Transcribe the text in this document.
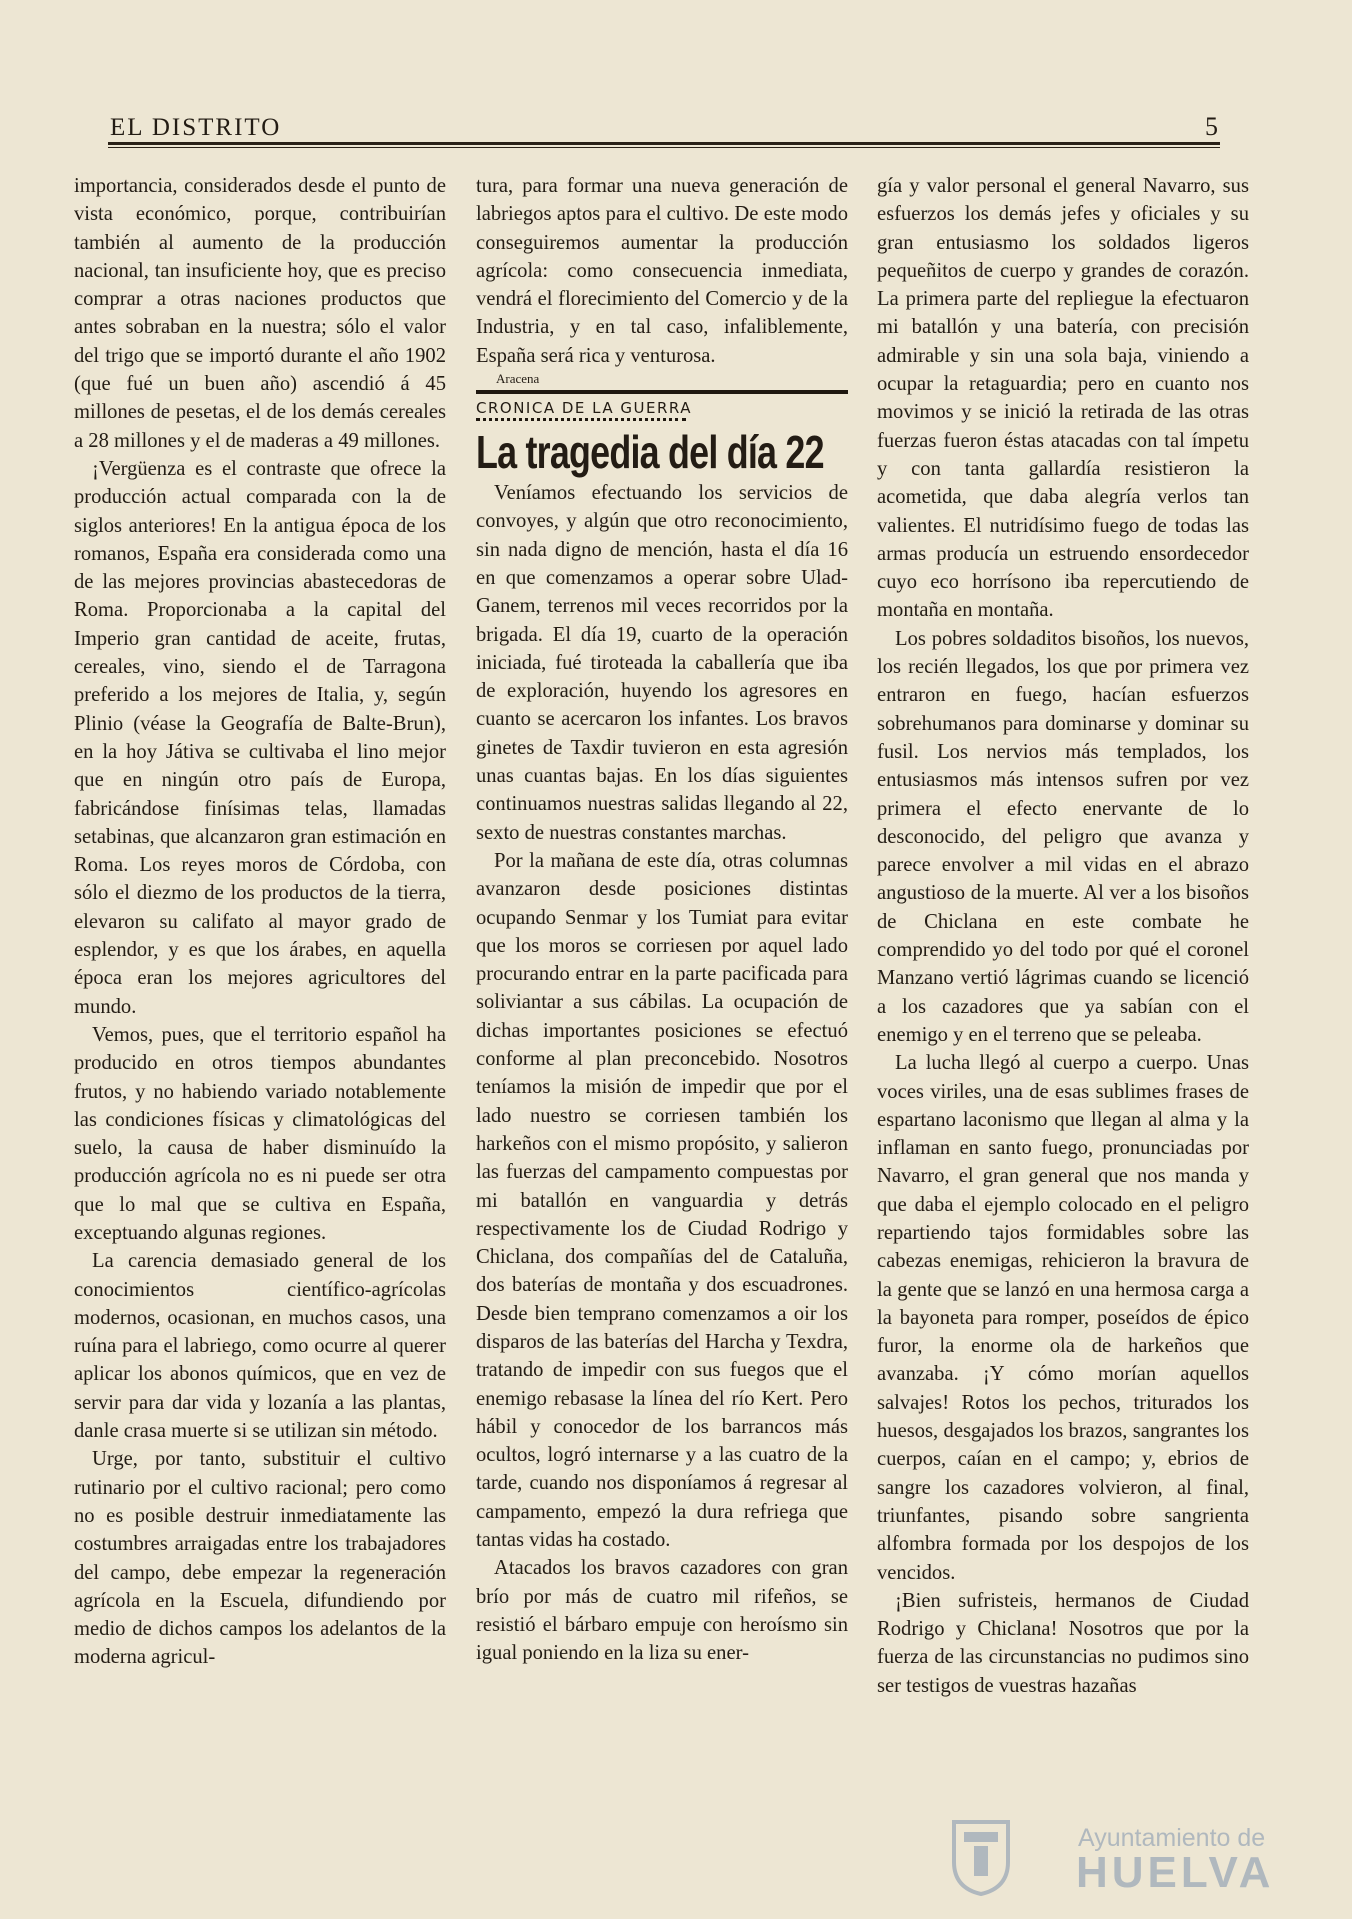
EL DISTRITO	5

importancia, considerados desde el punto de vista económico, porque, contribuirían también al aumento de la producción nacional, tan insuficiente hoy, que es preciso comprar a otras naciones productos que antes sobraban en la nuestra; sólo el valor del trigo que se importó durante el año 1902 (que fué un buen año) ascendió á 45 millones de pesetas, el de los demás cereales a 28 millones y el de maderas a 49 millones.

¡Vergüenza es el contraste que ofrece la producción actual comparada con la de siglos anteriores! En la antigua época de los romanos, España era considerada como una de las mejores provincias abastecedoras de Roma. Proporcionaba a la capital del Imperio gran cantidad de aceite, frutas, cereales, vino, siendo el de Tarragona preferido a los mejores de Italia, y, según Plinio (véase la Geografía de Balte-Brun), en la hoy Játiva se cultivaba el lino mejor que en ningún otro país de Europa, fabricándose finísimas telas, llamadas setabinas, que alcanzaron gran estimación en Roma. Los reyes moros de Córdoba, con sólo el diezmo de los productos de la tierra, elevaron su califato al mayor grado de esplendor, y es que los árabes, en aquella época eran los mejores agricultores del mundo.

Vemos, pues, que el territorio español ha producido en otros tiempos abundantes frutos, y no habiendo variado notablemente las condiciones físicas y climatológicas del suelo, la causa de haber disminuído la producción agrícola no es ni puede ser otra que lo mal que se cultiva en España, exceptuando algunas regiones.

La carencia demasiado general de los conocimientos científico-agrícolas modernos, ocasionan, en muchos casos, una ruína para el labriego, como ocurre al querer aplicar los abonos químicos, que en vez de servir para dar vida y lozanía a las plantas, danle crasa muerte si se utilizan sin método.

Urge, por tanto, substituir el cultivo rutinario por el cultivo racional; pero como no es posible destruir inmediatamente las costumbres arraigadas entre los trabajadores del campo, debe empezar la regeneración agrícola en la Escuela, difundiendo por medio de dichos campos los adelantos de la moderna agricul-

tura, para formar una nueva generación de labriegos aptos para el cultivo. De este modo conseguiremos aumentar la producción agrícola: como consecuencia inmediata, vendrá el florecimiento del Comercio y de la Industria, y en tal caso, infaliblemente, España será rica y venturosa.

Aracena
CRONICA DE LA GUERRA
La tragedia del día 22

Veníamos efectuando los servicios de convoyes, y algún que otro reconocimiento, sin nada digno de mención, hasta el día 16 en que comenzamos a operar sobre Ulad-Ganem, terrenos mil veces recorridos por la brigada. El día 19, cuarto de la operación iniciada, fué tiroteada la caballería que iba de exploración, huyendo los agresores en cuanto se acercaron los infantes. Los bravos ginetes de Taxdir tuvieron en esta agresión unas cuantas bajas. En los días siguientes continuamos nuestras salidas llegando al 22, sexto de nuestras constantes marchas.

Por la mañana de este día, otras columnas avanzaron desde posiciones distintas ocupando Senmar y los Tumiat para evitar que los moros se corriesen por aquel lado procurando entrar en la parte pacificada para soliviantar a sus cábilas. La ocupación de dichas importantes posiciones se efectuó conforme al plan preconcebido. Nosotros teníamos la misión de impedir que por el lado nuestro se corriesen también los harkeños con el mismo propósito, y salieron las fuerzas del campamento compuestas por mi batallón en vanguardia y detrás respectivamente los de Ciudad Rodrigo y Chiclana, dos compañías del de Cataluña, dos baterías de montaña y dos escuadrones. Desde bien temprano comenzamos a oir los disparos de las baterías del Harcha y Texdra, tratando de impedir con sus fuegos que el enemigo rebasase la línea del río Kert. Pero hábil y conocedor de los barrancos más ocultos, logró internarse y a las cuatro de la tarde, cuando nos disponíamos á regresar al campamento, empezó la dura refriega que tantas vidas ha costado.

Atacados los bravos cazadores con gran brío por más de cuatro mil rifeños, se resistió el bárbaro empuje con heroísmo sin igual poniendo en la liza su ener-

gía y valor personal el general Navarro, sus esfuerzos los demás jefes y oficiales y su gran entusiasmo los soldados ligeros pequeñitos de cuerpo y grandes de corazón. La primera parte del repliegue la efectuaron mi batallón y una batería, con precisión admirable y sin una sola baja, viniendo a ocupar la retaguardia; pero en cuanto nos movimos y se inició la retirada de las otras fuerzas fueron éstas atacadas con tal ímpetu y con tanta gallardía resistieron la acometida, que daba alegría verlos tan valientes. El nutridísimo fuego de todas las armas producía un estruendo ensordecedor cuyo eco horrísono iba repercutiendo de montaña en montaña.

Los pobres soldaditos bisoños, los nuevos, los recién llegados, los que por primera vez entraron en fuego, hacían esfuerzos sobrehumanos para dominarse y dominar su fusil. Los nervios más templados, los entusiasmos más intensos sufren por vez primera el efecto enervante de lo desconocido, del peligro que avanza y parece envolver a mil vidas en el abrazo angustioso de la muerte. Al ver a los bisoños de Chiclana en este combate he comprendido yo del todo por qué el coronel Manzano vertió lágrimas cuando se licenció a los cazadores que ya sabían con el enemigo y en el terreno que se peleaba.

La lucha llegó al cuerpo a cuerpo. Unas voces viriles, una de esas sublimes frases de espartano laconismo que llegan al alma y la inflaman en santo fuego, pronunciadas por Navarro, el gran general que nos manda y que daba el ejemplo colocado en el peligro repartiendo tajos formidables sobre las cabezas enemigas, rehicieron la bravura de la gente que se lanzó en una hermosa carga a la bayoneta para romper, poseídos de épico furor, la enorme ola de harkeños que avanzaba. ¡Y cómo morían aquellos salvajes! Rotos los pechos, triturados los huesos, desgajados los brazos, sangrantes los cuerpos, caían en el campo; y, ebrios de sangre los cazadores volvieron, al final, triunfantes, pisando sobre sangrienta alfombra formada por los despojos de los vencidos.

¡Bien sufristeis, hermanos de Ciudad Rodrigo y Chiclana! Nosotros que por la fuerza de las circunstancias no pudimos sino ser testigos de vuestras hazañas

Ayuntamiento de
HUELVA
